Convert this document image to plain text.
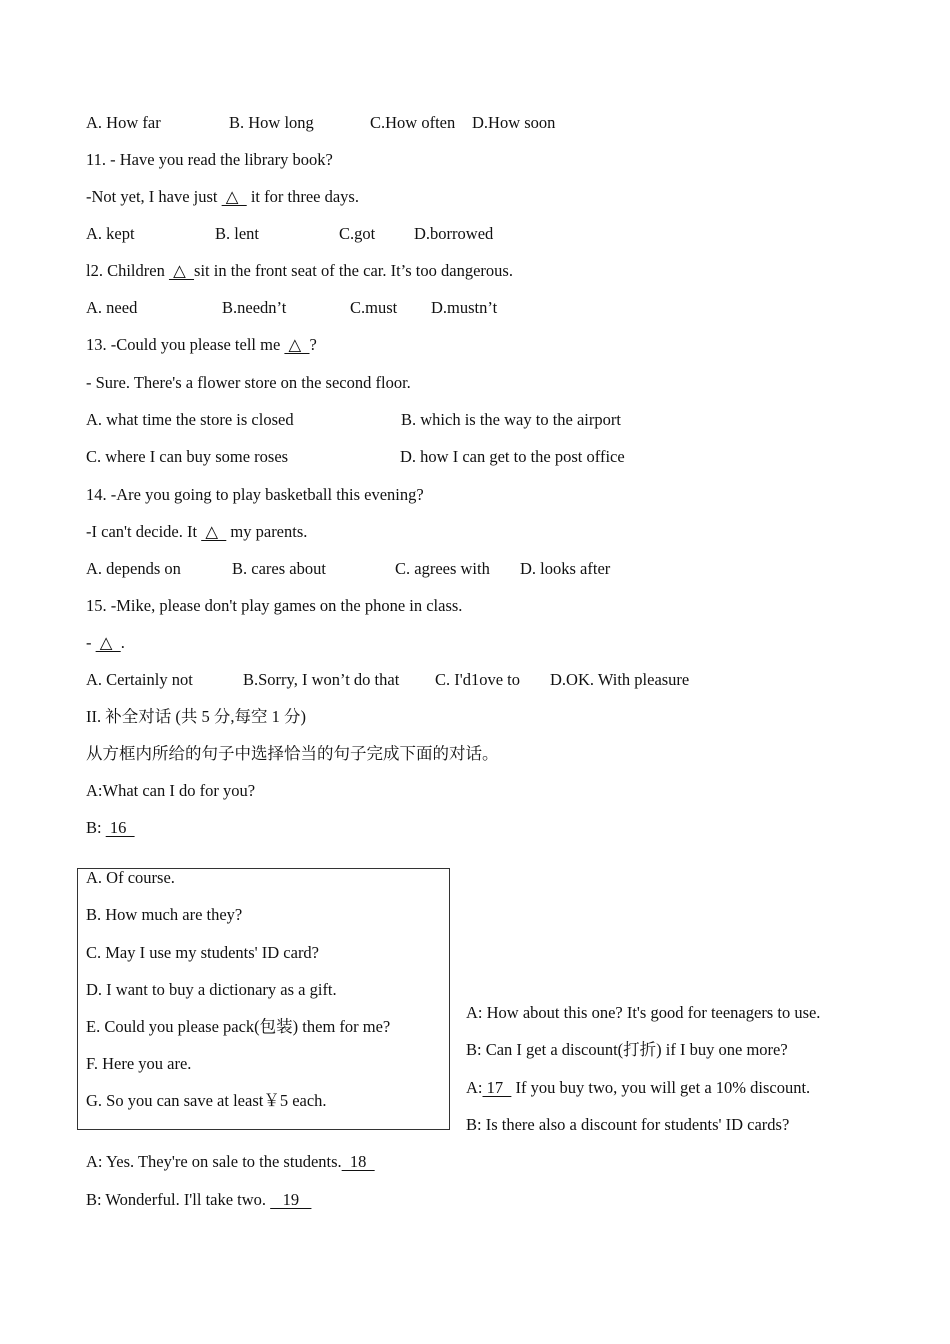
A. How far	B. How long	C.How often D.How soon
11. - Have you read the library book?
-Not yet, I have just  △   it for three days.
A. kept	B. lent	C.got D.borrowed
l2. Children  △  sit in the front seat of the car. It’s too dangerous.
A. need	B.needn’t	C.must D.mustn’t
13. -Could you please tell me  △  ?
- Sure. There's a flower store on the second floor.
A. what time the store is closed	B. which is the way to the airport
C. where I can buy some roses	D. how I can get to the post office
14. -Are you going to play basketball this evening?
-I can't decide. It  △   my parents.
A. depends on	B. cares about	C. agrees with D. looks after
15. -Mike, please don't play games on the phone in class.
-  △  .
A. Certainly not	B.Sorry, I won’t do that C. I'd1ove to D.OK. With pleasure
II. 补全对话 (共 5 分,每空 1 分)
从方框内所给的句子中选择恰当的句子完成下面的对话。
A:What can I do for you?
B:  16
A. Of course.
B. How much are they?
C. May I use my students' ID card?
D. I want to buy a dictionary as a gift.
E. Could you please pack(包装) them for me?
F. Here you are.
G. So you can save at least￥5 each.
A: How about this one? It's good for teenagers to use.
B: Can I get a discount(打折) if I buy one more?
A: 17   If you buy two, you will get a 10% discount.
B: Is there also a discount for students' ID cards?
A: Yes. They're on sale to the students.  18
B: Wonderful. I'll take two.    19
